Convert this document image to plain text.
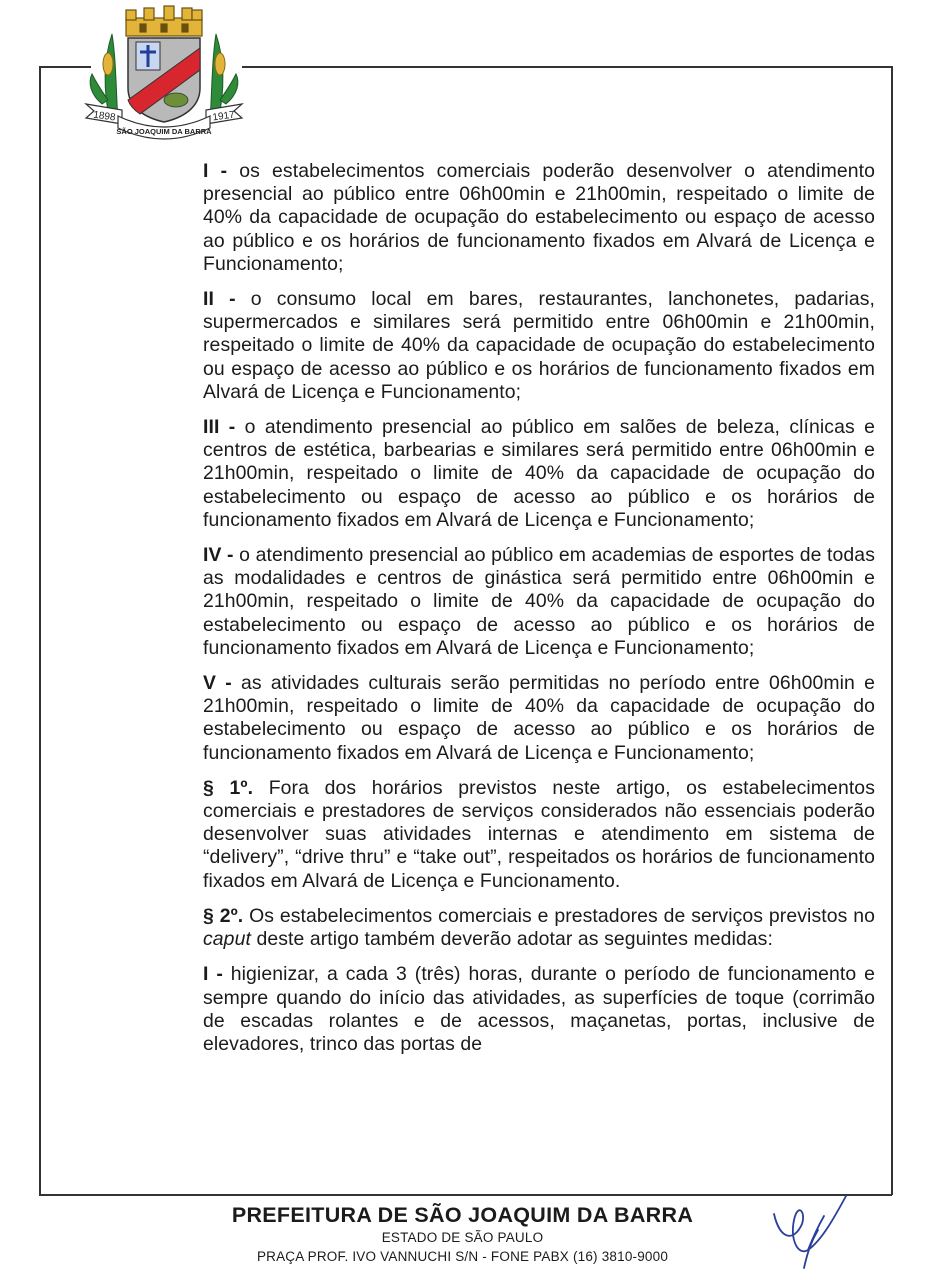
1898	1917
SÃO JOAQUIM DA BARRA

I - os estabelecimentos comerciais poderão desenvolver o atendimento presencial ao público entre 06h00min e 21h00min, respeitado o limite de 40% da capacidade de ocupação do estabelecimento ou espaço de acesso ao público e os horários de funcionamento fixados em Alvará de Licença e Funcionamento;

II - o consumo local em bares, restaurantes, lanchonetes, padarias, supermercados e similares será permitido entre 06h00min e 21h00min, respeitado o limite de 40% da capacidade de ocupação do estabelecimento ou espaço de acesso ao público e os horários de funcionamento fixados em Alvará de Licença e Funcionamento;

III - o atendimento presencial ao público em salões de beleza, clínicas e centros de estética, barbearias e similares será permitido entre 06h00min e 21h00min, respeitado o limite de 40% da capacidade de ocupação do estabelecimento ou espaço de acesso ao público e os horários de funcionamento fixados em Alvará de Licença e Funcionamento;

IV - o atendimento presencial ao público em academias de esportes de todas as modalidades e centros de ginástica será permitido entre 06h00min e 21h00min, respeitado o limite de 40% da capacidade de ocupação do estabelecimento ou espaço de acesso ao público e os horários de funcionamento fixados em Alvará de Licença e Funcionamento;

V - as atividades culturais serão permitidas no período entre 06h00min e 21h00min, respeitado o limite de 40% da capacidade de ocupação do estabelecimento ou espaço de acesso ao público e os horários de funcionamento fixados em Alvará de Licença e Funcionamento;

§ 1º. Fora dos horários previstos neste artigo, os estabelecimentos comerciais e prestadores de serviços considerados não essenciais poderão desenvolver suas atividades internas e atendimento em sistema de “delivery”, “drive thru” e “take out”, respeitados os horários de funcionamento fixados em Alvará de Licença e Funcionamento.

§ 2º. Os estabelecimentos comerciais e prestadores de serviços previstos no caput deste artigo também deverão adotar as seguintes medidas:

I - higienizar, a cada 3 (três) horas, durante o período de funcionamento e sempre quando do início das atividades, as superfícies de toque (corrimão de escadas rolantes e de acessos, maçanetas, portas, inclusive de elevadores, trinco das portas de

PREFEITURA DE SÃO JOAQUIM DA BARRA
ESTADO DE SÃO PAULO
PRAÇA PROF. IVO VANNUCHI S/N - FONE PABX (16) 3810-9000
